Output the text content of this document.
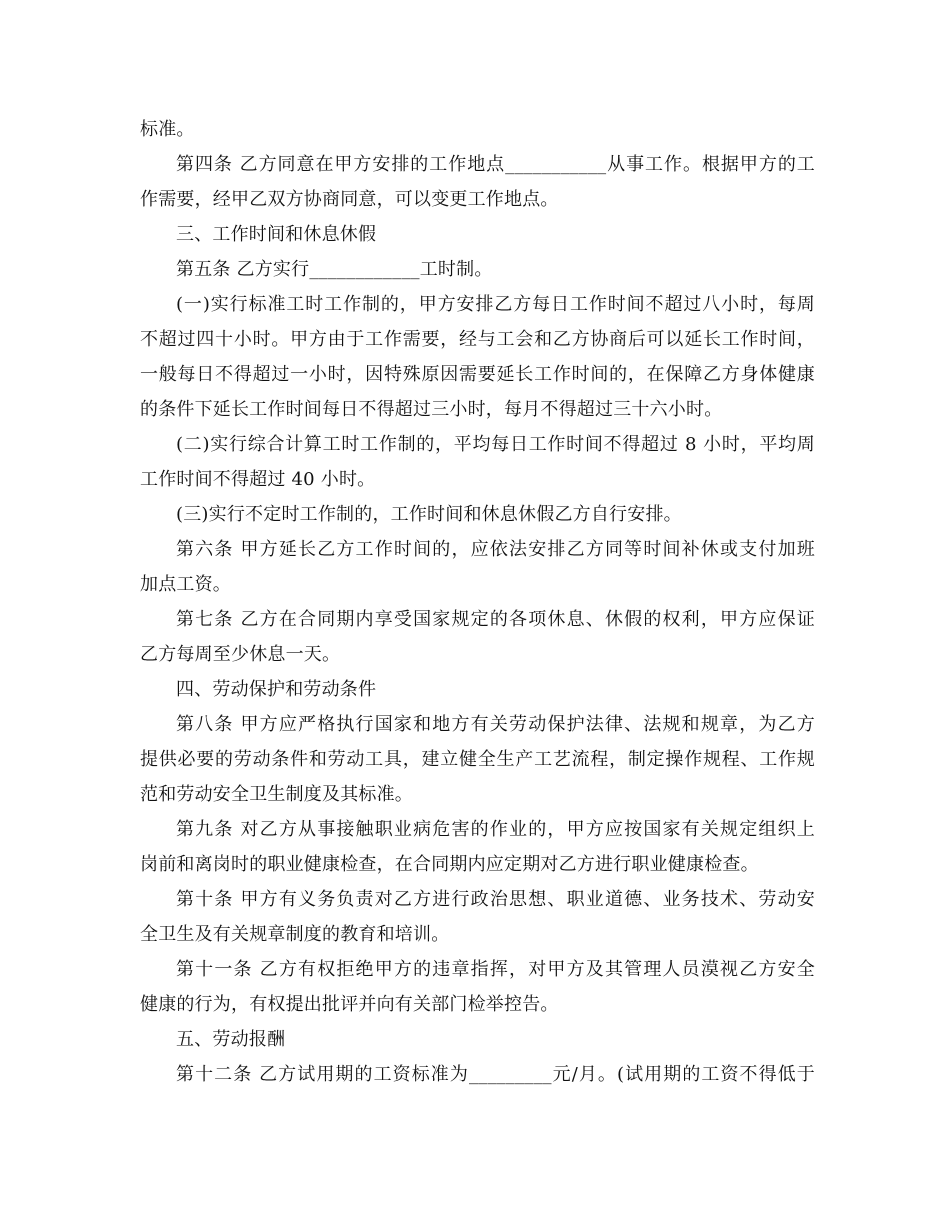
标准。
第四条 乙方同意在甲方安排的工作地点___________从事工作。根据甲方的工
作需要，经甲乙双方协商同意，可以变更工作地点。
三、工作时间和休息休假
第五条 乙方实行____________工时制。
(一)实行标准工时工作制的，甲方安排乙方每日工作时间不超过八小时，每周
不超过四十小时。甲方由于工作需要，经与工会和乙方协商后可以延长工作时间，
一般每日不得超过一小时，因特殊原因需要延长工作时间的，在保障乙方身体健康
的条件下延长工作时间每日不得超过三小时，每月不得超过三十六小时。
(二)实行综合计算工时工作制的，平均每日工作时间不得超过 8 小时，平均周
工作时间不得超过 40 小时。
(三)实行不定时工作制的，工作时间和休息休假乙方自行安排。
第六条 甲方延长乙方工作时间的，应依法安排乙方同等时间补休或支付加班
加点工资。
第七条 乙方在合同期内享受国家规定的各项休息、休假的权利，甲方应保证
乙方每周至少休息一天。
四、劳动保护和劳动条件
第八条 甲方应严格执行国家和地方有关劳动保护法律、法规和规章，为乙方
提供必要的劳动条件和劳动工具，建立健全生产工艺流程，制定操作规程、工作规
范和劳动安全卫生制度及其标准。
第九条 对乙方从事接触职业病危害的作业的，甲方应按国家有关规定组织上
岗前和离岗时的职业健康检查，在合同期内应定期对乙方进行职业健康检查。
第十条 甲方有义务负责对乙方进行政治思想、职业道德、业务技术、劳动安
全卫生及有关规章制度的教育和培训。
第十一条 乙方有权拒绝甲方的违章指挥，对甲方及其管理人员漠视乙方安全
健康的行为，有权提出批评并向有关部门检举控告。
五、劳动报酬
第十二条 乙方试用期的工资标准为_________元/月。(试用期的工资不得低于
